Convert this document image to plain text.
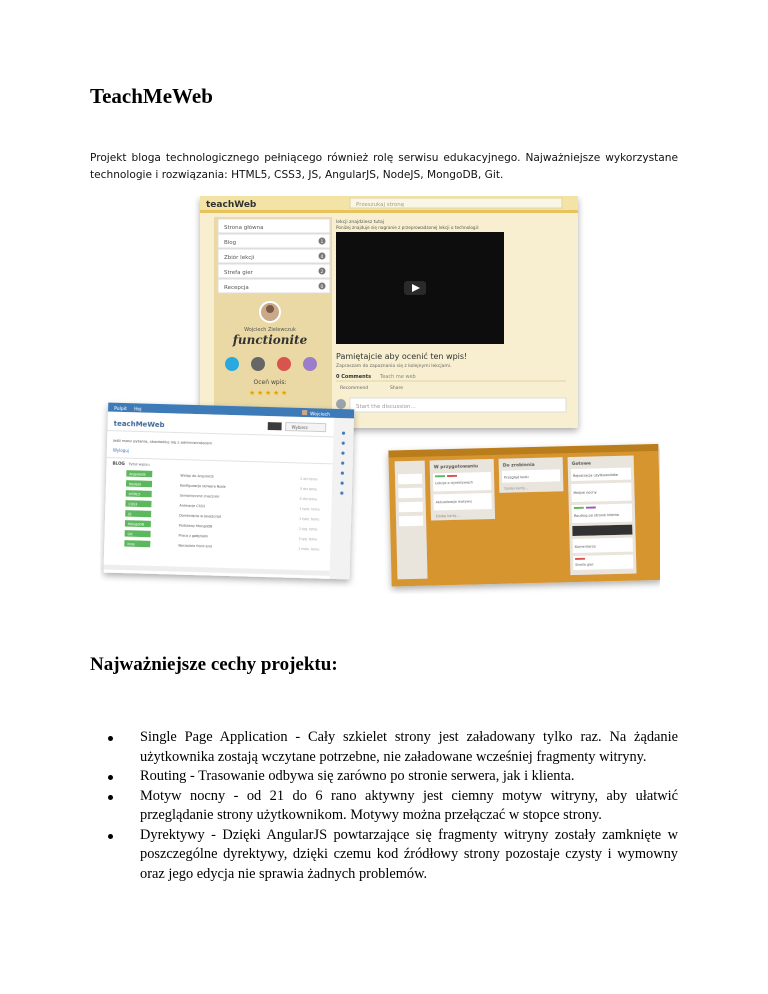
TeachMeWeb

Projekt bloga technologicznego pełniącego również rolę serwisu edukacyjnego. Najważniejsze wykorzystane technologie i rozwiązania: HTML5, CSS3, JS, AngularJS, NodeJS, MongoDB, Git.

teachWeb	Przeszukaj stronę
Strona główna
Blog	1
Zbiór lekcji	4
Strefa gier	2
Recepcja	0
Wojciech Zielewczuk
functionite
Oceń wpis:
★ ★ ★ ★ ★
lekcji znajdziesz tutaj
Poniżej znajduje się nagranie z przeprowadzonej lekcji o technologii:
Pamiętajcie aby ocenić ten wpis!
Zapraszam do zapoznania się z kolejnymi lekcjami.
0 Comments Teach me web
Recommend	Share
Start the discussion...
W przygotowaniu
Lekcja o dyrektywach
Aktualizacja motywu
Dodaj kartę...
Do zrobienia
Przegląd kodu
Dodaj kartę...
Gotowe
Rejestracja użytkowników
Motyw nocny
Routing po stronie klienta
Komentarze
Strefa gier
Pulpit Hej
Wojciech
teachMeWeb	Wybierz
Jeśli masz pytania, skontaktuj się z administratorem
Wyloguj
BLOG Tytuł wpisu
AngularJS	Wstęp do AngularJS
2 dni temu
NodeJS	Konfiguracja serwera Node
3 dni temu
HTML5	Semantyczne znaczniki
5 dni temu
CSS3	Animacje CSS3
1 tydz. temu
JS	Domknięcia w JavaScript
1 tydz. temu
MongoDB	Podstawy MongoDB
2 tyg. temu
Git	Praca z gałęziami
3 tyg. temu
Inne	Narzędzia front-end
1 mies. temu
Najważniejsze cechy projektu:
Single Page Application - Cały szkielet strony jest załadowany tylko raz. Na żądanie użytkownika zostają wczytane potrzebne, nie załadowane wcześniej fragmenty witryny.
Routing - Trasowanie odbywa się zarówno po stronie serwera, jak i klienta.
Motyw nocny - od 21 do 6 rano aktywny jest ciemny motyw witryny, aby ułatwić przeglądanie strony użytkownikom. Motywy można przełączać w stopce strony.
Dyrektywy - Dzięki AngularJS powtarzające się fragmenty witryny zostały zamknięte w poszczególne dyrektywy, dzięki czemu kod źródłowy strony pozostaje czysty i wymowny oraz jego edycja nie sprawia żadnych problemów.
